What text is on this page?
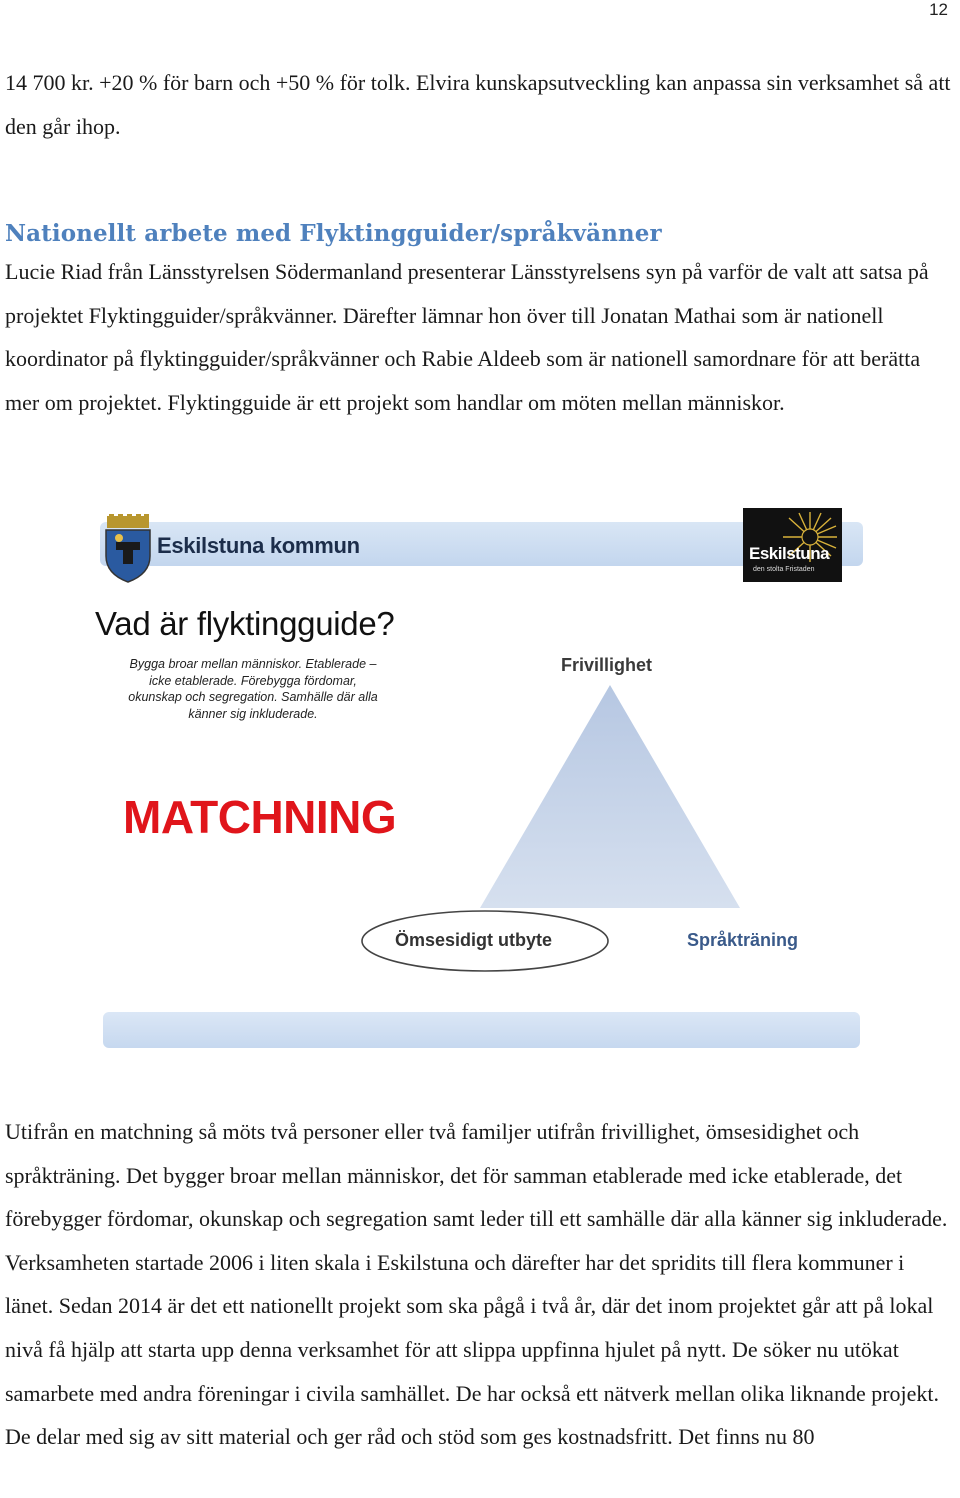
12

14 700 kr. +20 % för barn och +50 % för tolk. Elvira kunskapsutveckling kan anpassa sin verksamhet så att den går ihop.

Nationellt arbete med Flyktingguider/språkvänner

Lucie Riad från Länsstyrelsen Södermanland presenterar Länsstyrelsens syn på varför de valt att satsa på projektet Flyktingguider/språkvänner. Därefter lämnar hon över till Jonatan Mathai som är nationell koordinator på flyktingguider/språkvänner och Rabie Aldeeb som är nationell samordnare för att berätta mer om projektet. Flyktingguide är ett projekt som handlar om möten mellan människor.

Eskilstuna kommun	Eskilstuna
den stolta Fristaden
Vad är flyktingguide?
Bygga broar mellan människor. Etablerade – icke etablerade. Förebygga fördomar, okunskap och segregation. Samhälle där alla känner sig inkluderade.
MATCHNING
Frivillighet
Ömsesidigt utbyte	Språkträning

Utifrån en matchning så möts två personer eller två familjer utifrån frivillighet, ömsesidighet och språkträning. Det bygger broar mellan människor, det för samman etablerade med icke etablerade, det förebygger fördomar, okunskap och segregation samt leder till ett samhälle där alla känner sig inkluderade. Verksamheten startade 2006 i liten skala i Eskilstuna och därefter har det spridits till flera kommuner i länet. Sedan 2014 är det ett nationellt projekt som ska pågå i två år, där det inom projektet går att på lokal nivå få hjälp att starta upp denna verksamhet för att slippa uppfinna hjulet på nytt. De söker nu utökat samarbete med andra föreningar i civila samhället. De har också ett nätverk mellan olika liknande projekt. De delar med sig av sitt material och ger råd och stöd som ges kostnadsfritt. Det finns nu 80
